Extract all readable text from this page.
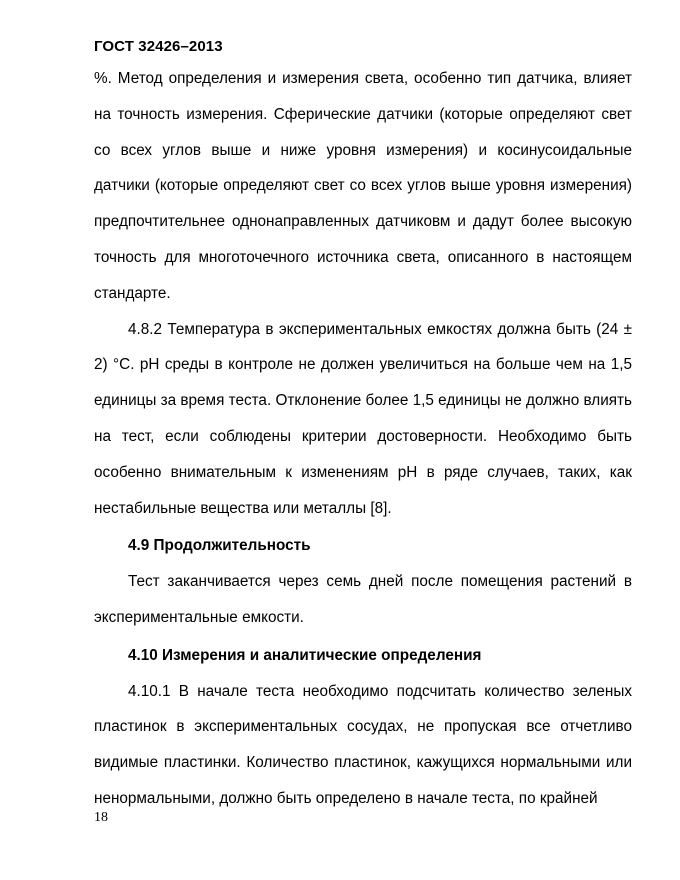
ГОСТ 32426–2013

%. Метод определения и измерения света, особенно тип датчика, влияет на точность измерения. Сферические датчики (которые определяют свет со всех углов выше и ниже уровня измерения) и косинусоидальные датчики (которые определяют свет со всех углов выше уровня измерения) предпочтительнее однонаправленных датчиковм и дадут более высокую точность для многоточечного источника света, описанного в настоящем стандарте.

4.8.2 Температура в экспериментальных емкостях должна быть (24 ± 2) °C. pH среды в контроле не должен увеличиться на больше чем на 1,5 единицы за время теста. Отклонение более 1,5 единицы не должно влиять на тест, если соблюдены критерии достоверности. Необходимо быть особенно внимательным к изменениям pH в ряде случаев, таких, как нестабильные вещества или металлы [8].

4.9 Продолжительность

Тест заканчивается через семь дней после помещения растений в экспериментальные емкости.

4.10 Измерения и аналитические определения

4.10.1 В начале теста необходимо подсчитать количество зеленых пластинок в экспериментальных сосудах, не пропуская все отчетливо видимые пластинки. Количество пластинок, кажущихся нормальными или ненормальными, должно быть определено в начале теста, по крайней

18
